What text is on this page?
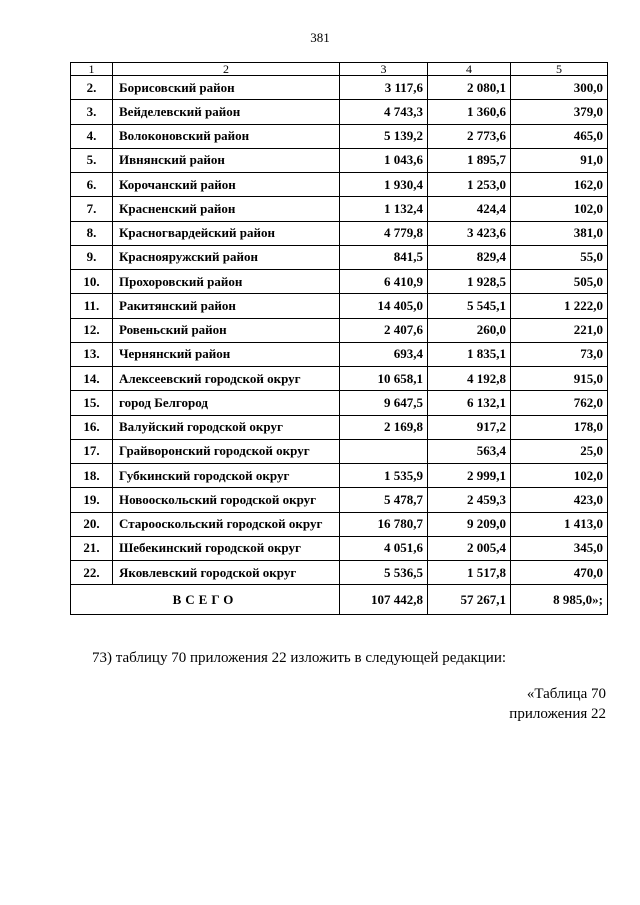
381
1	2	3	4	5
2.	Борисовский район	3 117,6	2 080,1	300,0
3.	Вейделевский район	4 743,3	1 360,6	379,0
4.	Волоконовский район	5 139,2	2 773,6	465,0
5.	Ивнянский район	1 043,6	1 895,7	91,0
6.	Корочанский район	1 930,4	1 253,0	162,0
7.	Красненский район	1 132,4	424,4	102,0
8.	Красногвардейский район	4 779,8	3 423,6	381,0
9.	Краснояружский район	841,5	829,4	55,0
10.	Прохоровский район	6 410,9	1 928,5	505,0
11.	Ракитянский район	14 405,0	5 545,1	1 222,0
12.	Ровеньский район	2 407,6	260,0	221,0
13.	Чернянский район	693,4	1 835,1	73,0
14.	Алексеевский городской округ	10 658,1	4 192,8	915,0
15.	город Белгород	9 647,5	6 132,1	762,0
16.	Валуйский городской округ	2 169,8	917,2	178,0
17.	Грайворонский городской округ		563,4	25,0
18.	Губкинский городской округ	1 535,9	2 999,1	102,0
19.	Новооскольский городской округ	5 478,7	2 459,3	423,0
20.	Старооскольский городской округ	16 780,7	9 209,0	1 413,0
21.	Шебекинский городской округ	4 051,6	2 005,4	345,0
22.	Яковлевский городской округ	5 536,5	1 517,8	470,0
ВСЕГО		107 442,8	57 267,1	8 985,0»;
73) таблицу 70 приложения 22 изложить в следующей редакции:
«Таблица 70
приложения 22
